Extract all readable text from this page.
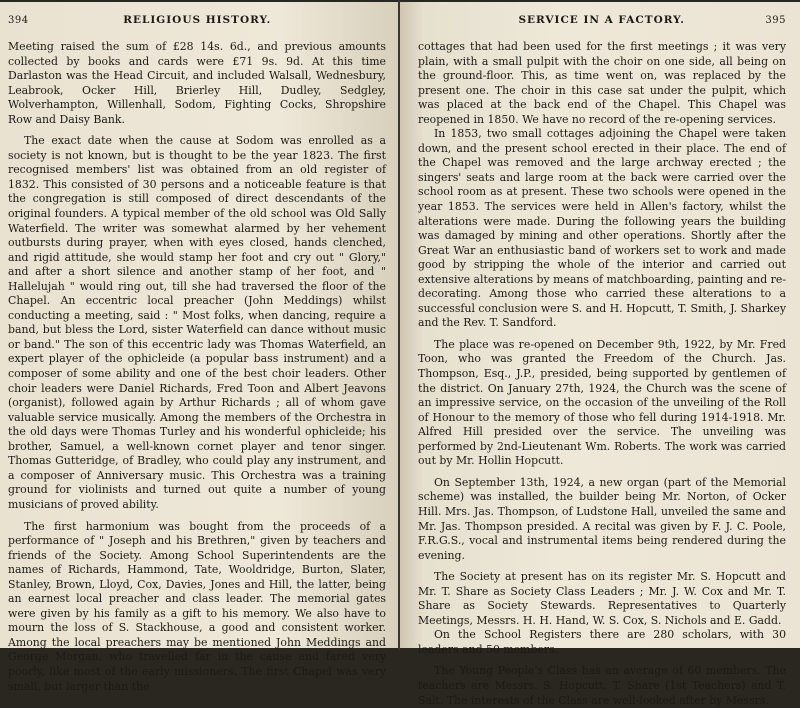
394	RELIGIOUS HISTORY.

Meeting raised the sum of £28 14s. 6d., and previous amounts collected by books and cards were £71 9s. 9d. At this time Darlaston was the Head Circuit, and included Walsall, Wednesbury, Leabrook, Ocker Hill, Brierley Hill, Dudley, Sedgley, Wolverhampton, Willenhall, Sodom, Fighting Cocks, Shropshire Row and Daisy Bank.

The exact date when the cause at Sodom was enrolled as a society is not known, but is thought to be the year 1823. The first recognised members' list was obtained from an old register of 1832. This consisted of 30 persons and a noticeable feature is that the congregation is still composed of direct descendants of the original founders. A typical member of the old school was Old Sally Waterfield. The writer was somewhat alarmed by her vehement outbursts during prayer, when with eyes closed, hands clenched, and rigid attitude, she would stamp her foot and cry out " Glory," and after a short silence and another stamp of her foot, and " Hallelujah " would ring out, till she had traversed the floor of the Chapel. An eccentric local preacher (John Meddings) whilst conducting a meeting, said : " Most folks, when dancing, require a band, but bless the Lord, sister Waterfield can dance without music or band." The son of this eccentric lady was Thomas Waterfield, an expert player of the ophicleide (a popular bass instrument) and a composer of some ability and one of the best choir leaders. Other choir leaders were Daniel Richards, Fred Toon and Albert Jeavons (organist), followed again by Arthur Richards ; all of whom gave valuable service musically. Among the members of the Orchestra in the old days were Thomas Turley and his wonderful ophicleide; his brother, Samuel, a well-known cornet player and tenor singer. Thomas Gutteridge, of Bradley, who could play any instrument, and a composer of Anniversary music. This Orchestra was a training ground for violinists and turned out quite a number of young musicians of proved ability.

The first harmonium was bought from the proceeds of a performance of " Joseph and his Brethren," given by teachers and friends of the Society. Among School Superintendents are the names of Richards, Hammond, Tate, Wooldridge, Burton, Slater, Stanley, Brown, Lloyd, Cox, Davies, Jones and Hill, the latter, being an earnest local preacher and class leader. The memorial gates were given by his family as a gift to his memory. We also have to mourn the loss of S. Stackhouse, a good and consistent worker. Among the local preachers may be mentioned John Meddings and George Morgan, who travelled far in the cause and fared very poorly, like most of the early missioners. The first Chapel was very small, but larger than the

SERVICE IN A FACTORY.	395

cottages that had been used for the first meetings ; it was very plain, with a small pulpit with the choir on one side, all being on the ground-floor. This, as time went on, was replaced by the present one. The choir in this case sat under the pulpit, which was placed at the back end of the Chapel. This Chapel was reopened in 1850. We have no record of the re-opening services.

In 1853, two small cottages adjoining the Chapel were taken down, and the present school erected in their place. The end of the Chapel was removed and the large archway erected ; the singers' seats and large room at the back were carried over the school room as at present. These two schools were opened in the year 1853. The services were held in Allen's factory, whilst the alterations were made. During the following years the building was damaged by mining and other operations. Shortly after the Great War an enthusiastic band of workers set to work and made good by stripping the whole of the interior and carried out extensive alterations by means of matchboarding, painting and re-decorating. Among those who carried these alterations to a successful conclusion were S. and H. Hopcutt, T. Smith, J. Sharkey and the Rev. T. Sandford.

The place was re-opened on December 9th, 1922, by Mr. Fred Toon, who was granted the Freedom of the Church. Jas. Thompson, Esq., J.P., presided, being supported by gentlemen of the district. On January 27th, 1924, the Church was the scene of an impressive service, on the occasion of the unveiling of the Roll of Honour to the memory of those who fell during 1914-1918. Mr. Alfred Hill presided over the service. The unveiling was performed by 2nd-Lieutenant Wm. Roberts. The work was carried out by Mr. Hollin Hopcutt.

On September 13th, 1924, a new organ (part of the Memorial scheme) was installed, the builder being Mr. Norton, of Ocker Hill. Mrs. Jas. Thompson, of Ludstone Hall, unveiled the same and Mr. Jas. Thompson presided. A recital was given by F. J. C. Poole, F.R.G.S., vocal and instrumental items being rendered during the evening.

The Society at present has on its register Mr. S. Hopcutt and Mr. T. Share as Society Class Leaders ; Mr. J. W. Cox and Mr. T. Share as Society Stewards. Representatives to Quarterly Meetings, Messrs. H. H. Hand, W. S. Cox, S. Nichols and E. Gadd.

On the School Registers there are 280 scholars, with 30 leaders and 50 members.

The Young People's Class has an average of 60 members. The teachers are Messrs. S. Hopcutt, T. Share (1st Teachers) and T. Salt. The interests of the Class are well-looked after by Messrs.
